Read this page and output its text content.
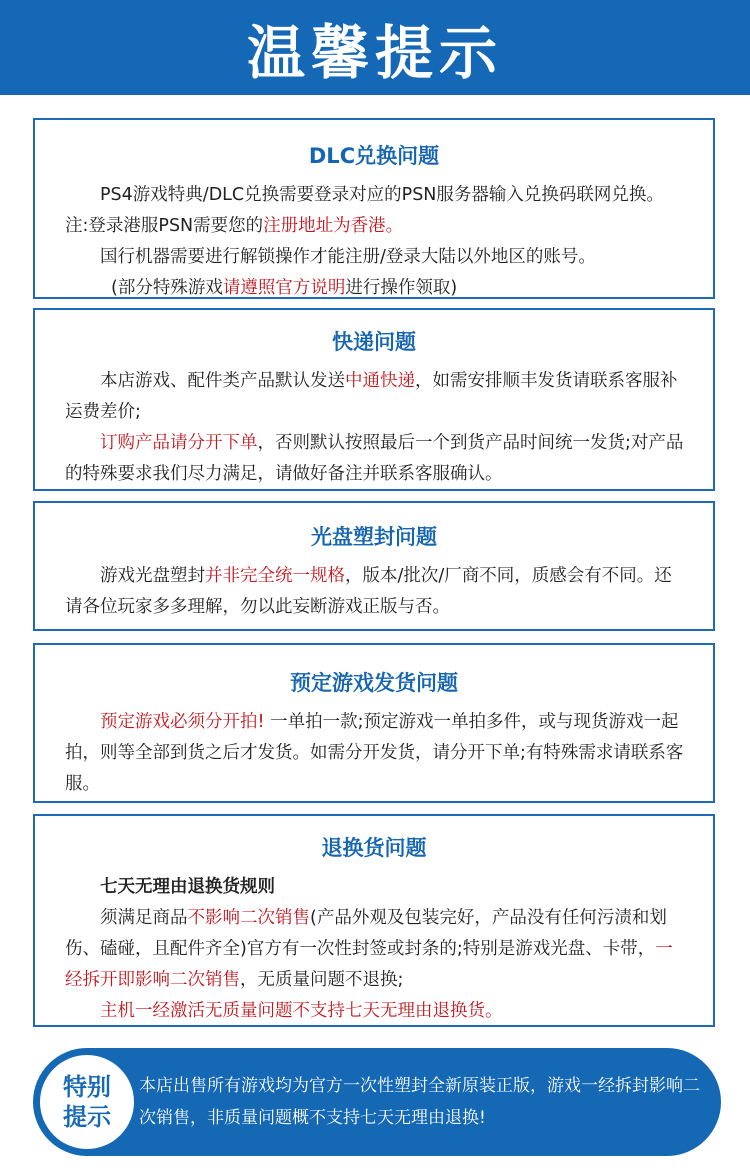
温馨提示
DLC兑换问题

PS4游戏特典/DLC兑换需要登录对应的PSN服务器输入兑换码联网兑换。注:登录港服PSN需要您的注册地址为香港。

国行机器需要进行解锁操作才能注册/登录大陆以外地区的账号。

(部分特殊游戏请遵照官方说明进行操作领取)

快递问题

本店游戏、配件类产品默认发送中通快递，如需安排顺丰发货请联系客服补运费差价;

订购产品请分开下单，否则默认按照最后一个到货产品时间统一发货;对产品的特殊要求我们尽力满足，请做好备注并联系客服确认。

光盘塑封问题

游戏光盘塑封并非完全统一规格，版本/批次/厂商不同，质感会有不同。还请各位玩家多多理解，勿以此妄断游戏正版与否。

预定游戏发货问题

预定游戏必须分开拍! 一单拍一款;预定游戏一单拍多件，或与现货游戏一起拍，则等全部到货之后才发货。如需分开发货，请分开下单;有特殊需求请联系客服。

退换货问题

七天无理由退换货规则

须满足商品不影响二次销售(产品外观及包装完好，产品没有任何污渍和划伤、磕碰，且配件齐全)官方有一次性封签或封条的;特别是游戏光盘、卡带，一经拆开即影响二次销售，无质量问题不退换;

主机一经激活无质量问题不支持七天无理由退换货。

特别
提示
本店出售所有游戏均为官方一次性塑封全新原装正版，游戏一经拆封影响二次销售，非质量问题概不支持七天无理由退换!
